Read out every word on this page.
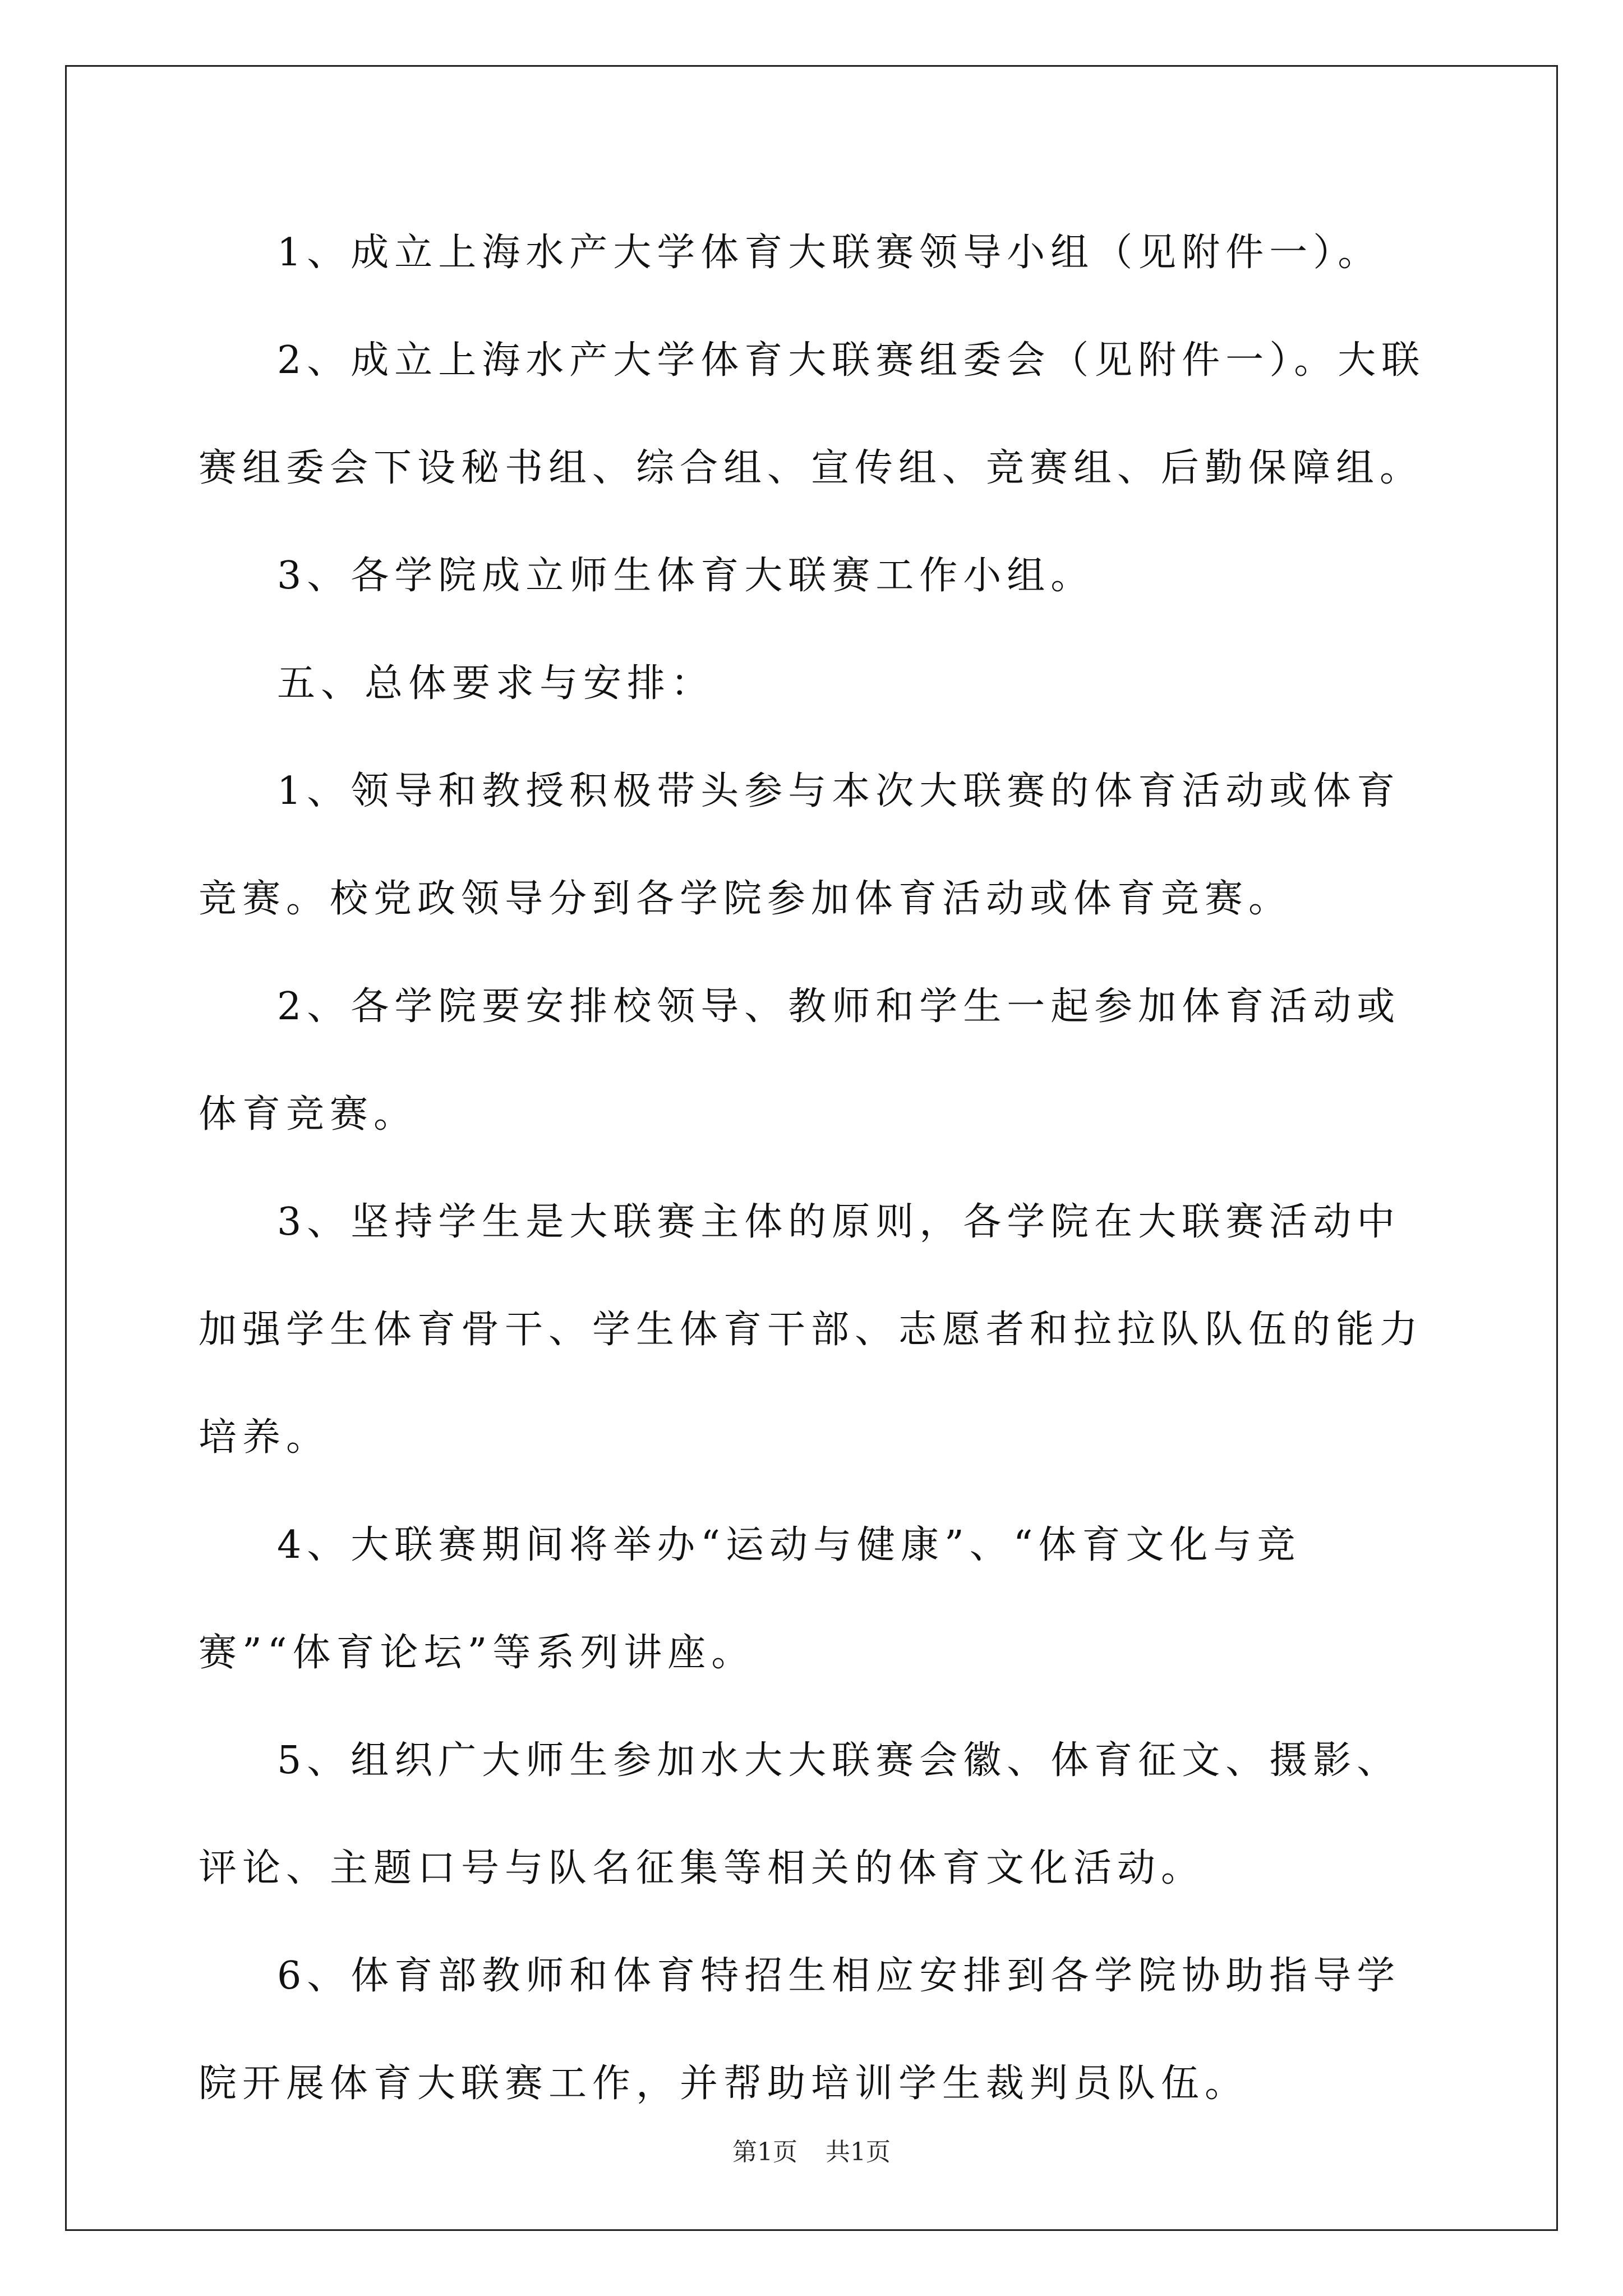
1、成立上海水产大学体育大联赛领导小组（见附件一）。

2、成立上海水产大学体育大联赛组委会（见附件一）。大联赛组委会下设秘书组、综合组、宣传组、竞赛组、后勤保障组。

3、各学院成立师生体育大联赛工作小组。

五、总体要求与安排：

1、领导和教授积极带头参与本次大联赛的体育活动或体育竞赛。校党政领导分到各学院参加体育活动或体育竞赛。

2、各学院要安排校领导、教师和学生一起参加体育活动或体育竞赛。

3、坚持学生是大联赛主体的原则，各学院在大联赛活动中加强学生体育骨干、学生体育干部、志愿者和拉拉队队伍的能力培养。

4、大联赛期间将举办“运动与健康”、“体育文化与竞赛”“体育论坛”等系列讲座。

5、组织广大师生参加水大大联赛会徽、体育征文、摄影、评论、主题口号与队名征集等相关的体育文化活动。

6、体育部教师和体育特招生相应安排到各学院协助指导学院开展体育大联赛工作，并帮助培训学生裁判员队伍。

第1页 共1页
